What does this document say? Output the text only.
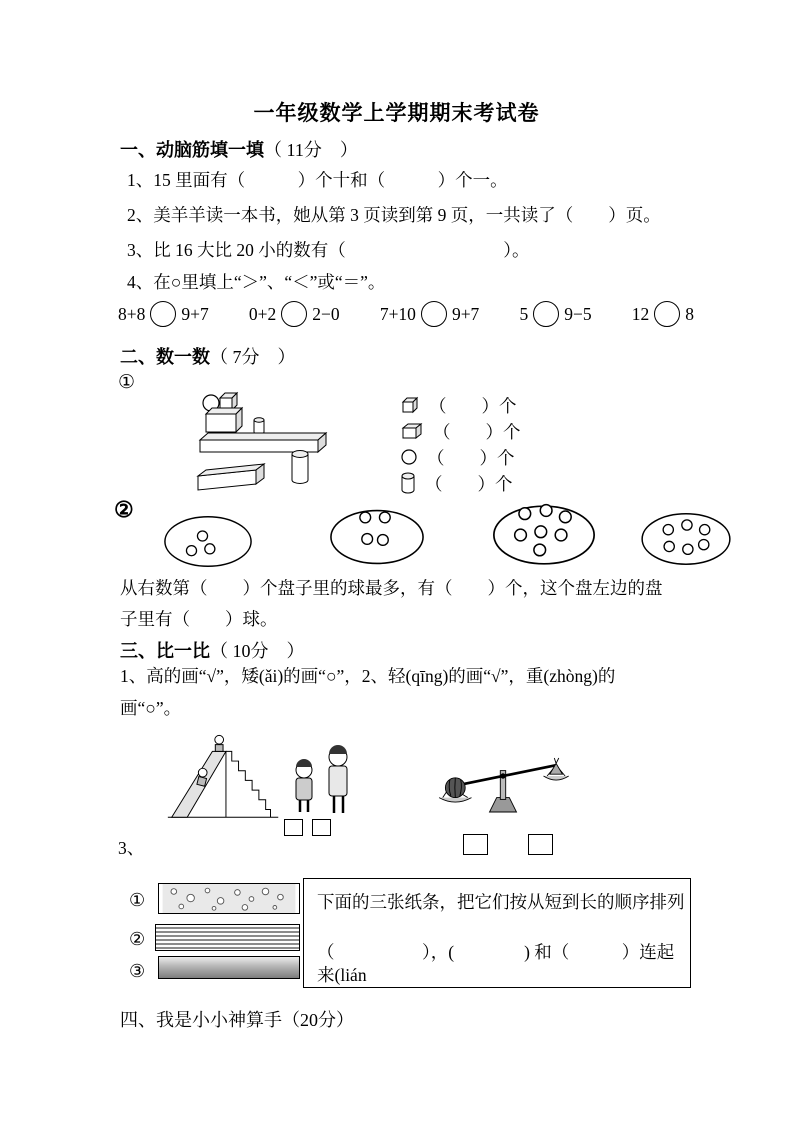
一年级数学上学期期末考试卷
一、动脑筋填一填（ 11分　）
1、15 里面有（　　　）个十和（　　　）个一。
2、美羊羊读一本书，她从第 3 页读到第 9 页，一共读了（　　）页。
3、比 16 大比 20 小的数有（　　　　　　　　　）。
4、在○里填上“＞”、“＜”或“＝”。
8+8 9+7 0+2 2−0 7+10 9+7 5 9−5 12 8
二、数一数（ 7分　）
①
（　　）个
（　　）个
（　　）个
（　　）个
②
从右数第（　　）个盘子里的球最多，有（　　）个，这个盘左边的盘
子里有（　　）球。
三、比一比（ 10分　）
1、高的画“√”，矮(ǎi)的画“○”，2、轻(qīng)的画“√”，重(zhòng)的
画“○”。
3、
①
②
③
下面的三张纸条，把它们按从短到长的顺序排列
（　　　　　），(　　　　) 和（　　　）连起来(lián
四、我是小小神算手（20分）
